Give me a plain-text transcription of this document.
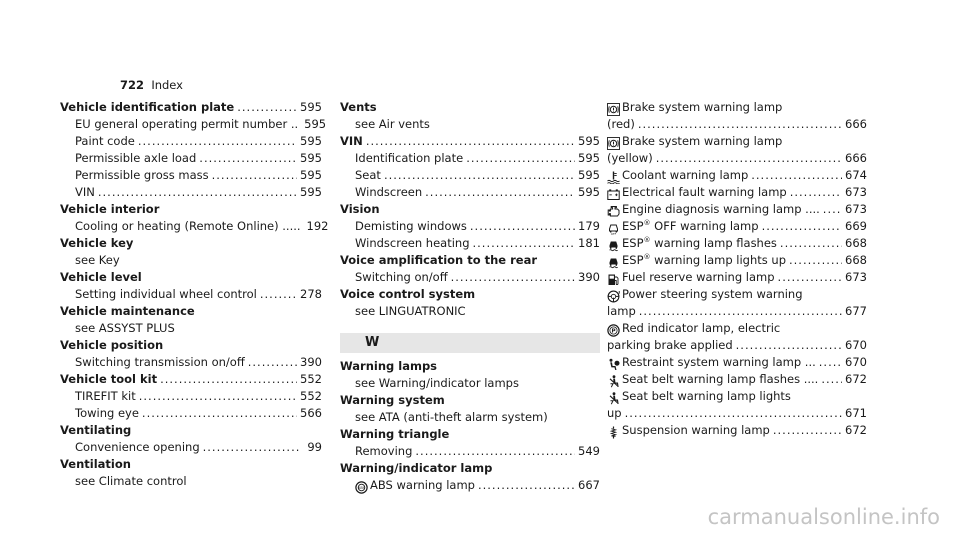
722 Index
Vehicle identification plate .....	595
EU general operating permit number .. 595
Paint code .....	595
Permissible axle load .....	595
Permissible gross mass .....	595
VIN .....	595
Vehicle interior
Cooling or heating (Remote Online) ..... 192
Vehicle key
see Key
Vehicle level
Setting individual wheel control .....	278
Vehicle maintenance
see ASSYST PLUS
Vehicle position
Switching transmission on/off .....	390
Vehicle tool kit .....	552
TIREFIT kit .....	552
Towing eye .....	566
Ventilating
Convenience opening .....	99
Ventilation
see Climate control
Vents
see Air vents
VIN .....	595
Identification plate .....	595
Seat .....	595
Windscreen .....	595
Vision
Demisting windows .....	179
Windscreen heating .....	181
Voice amplification to the rear
Switching on/off .....	390
Voice control system
see LINGUATRONIC
W
Warning lamps
see Warning/indicator lamps
Warning system
see ATA (anti-theft alarm system)
Warning triangle
Removing .....	549
Warning/indicator lamp
ABS ABS warning lamp .....	667
Brake system warning lamp
(red) .....	666
Brake system warning lamp
(yellow) .....	666
Coolant warning lamp .....	674
Electrical fault warning lamp .....	673
Engine diagnosis warning lamp .... ..... 673
OFF
ESP® OFF warning lamp .....	669
ESP® warning lamp flashes .....	668
ESP® warning lamp lights up .....	668
Fuel reserve warning lamp .....	673
Power steering system warning
lamp .....	677
P Red indicator lamp, electric
parking brake applied .....	670
Restraint system warning lamp ... .....	670
Seat belt warning lamp flashes .... ..... 672
Seat belt warning lamp lights
up .....	671
Suspension warning lamp .....	672
carmanualsonline.info
